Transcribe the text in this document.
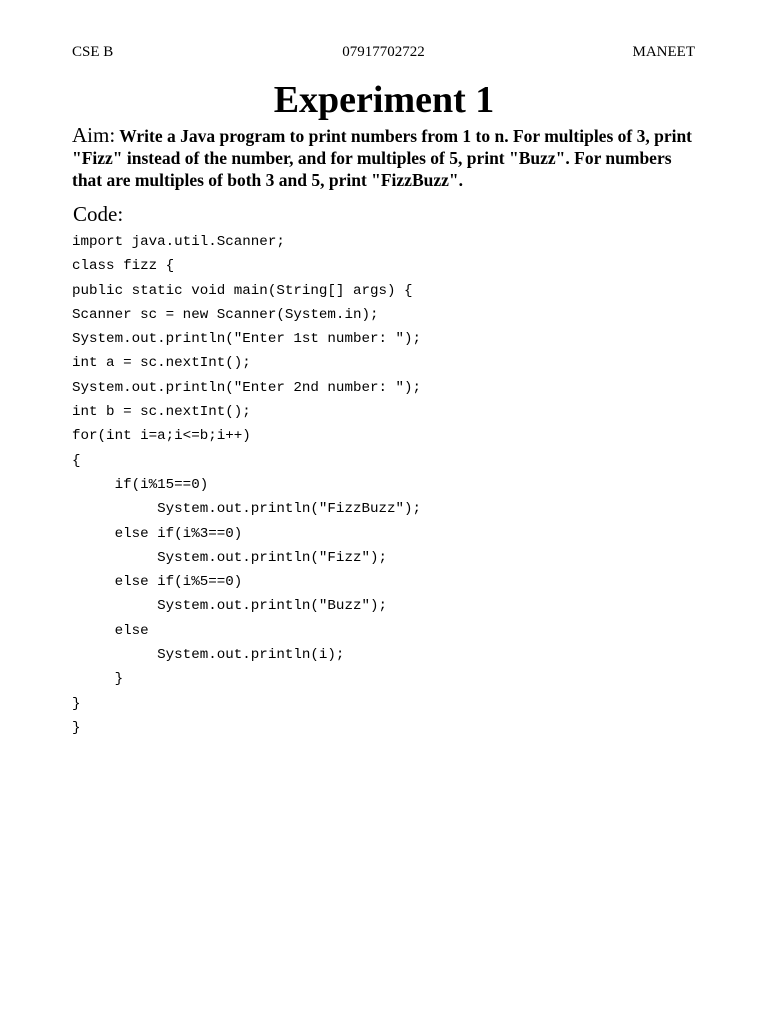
CSE B	07917702722	MANEET
Experiment 1
Aim: Write a Java program to print numbers from 1 to n. For multiples of 3, print "Fizz" instead of the number, and for multiples of 5, print "Buzz". For numbers that are multiples of both 3 and 5, print "FizzBuzz".
Code:
import java.util.Scanner;
class fizz {
public static void main(String[] args) {
Scanner sc = new Scanner(System.in);
System.out.println("Enter 1st number: ");
int a = sc.nextInt();
System.out.println("Enter 2nd number: ");
int b = sc.nextInt();
for(int i=a;i<=b;i++)
{
if(i%15==0)
System.out.println("FizzBuzz");
else if(i%3==0)
System.out.println("Fizz");
else if(i%5==0)
System.out.println("Buzz");
else
System.out.println(i);
}
}
}
